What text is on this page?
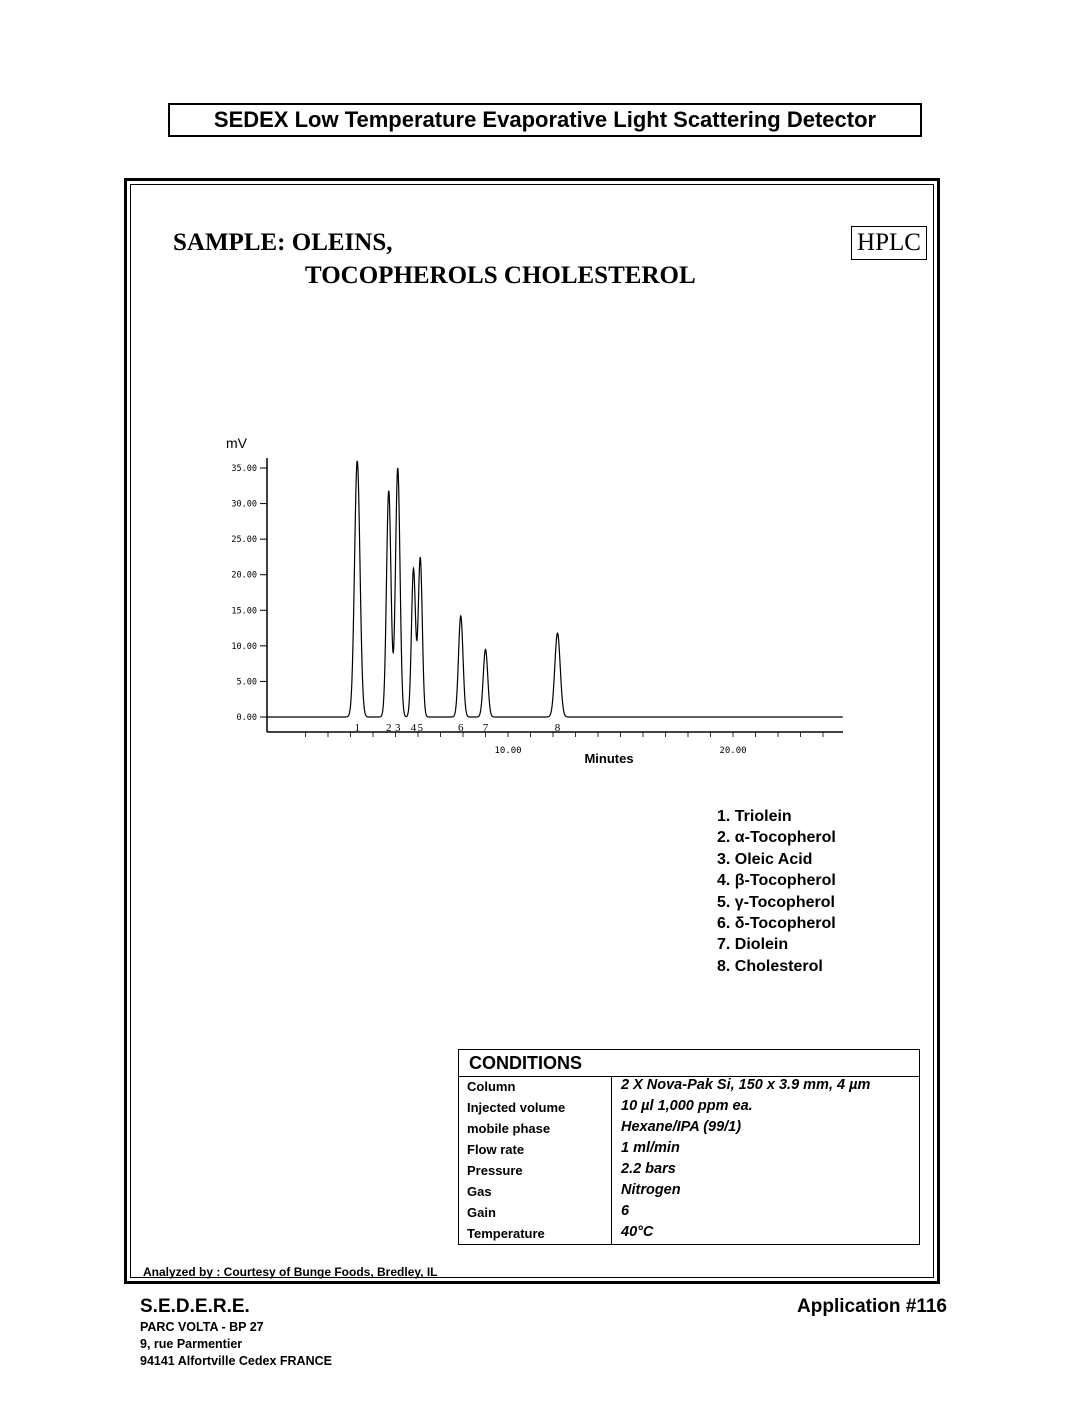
SEDEX Low Temperature Evaporative Light Scattering Detector
SAMPLE: OLEINS,
TOCOPHEROLS CHOLESTEROL
HPLC
mV
Minutes
0.00
5.00
10.00
15.00
20.00
25.00
30.00
35.00
10.00	20.00
1 2 3 4 5	6 7	8
1. Triolein
2. α-Tocopherol
3. Oleic Acid
4. β-Tocopherol
5. γ-Tocopherol
6. δ-Tocopherol
7. Diolein
8. Cholesterol
CONDITIONS
Column	2 X Nova-Pak Si, 150 x 3.9 mm, 4 µm
Injected volume	10 µl 1,000 ppm ea.
mobile phase	Hexane/IPA (99/1)
Flow rate	1 ml/min
Pressure	2.2 bars
Gas	Nitrogen
Gain	6
Temperature	40°C
Analyzed by : Courtesy of Bunge Foods, Bredley, IL
S.E.D.E.R.E.	Application #116
PARC VOLTA - BP 27
9, rue Parmentier
94141 Alfortville Cedex FRANCE
